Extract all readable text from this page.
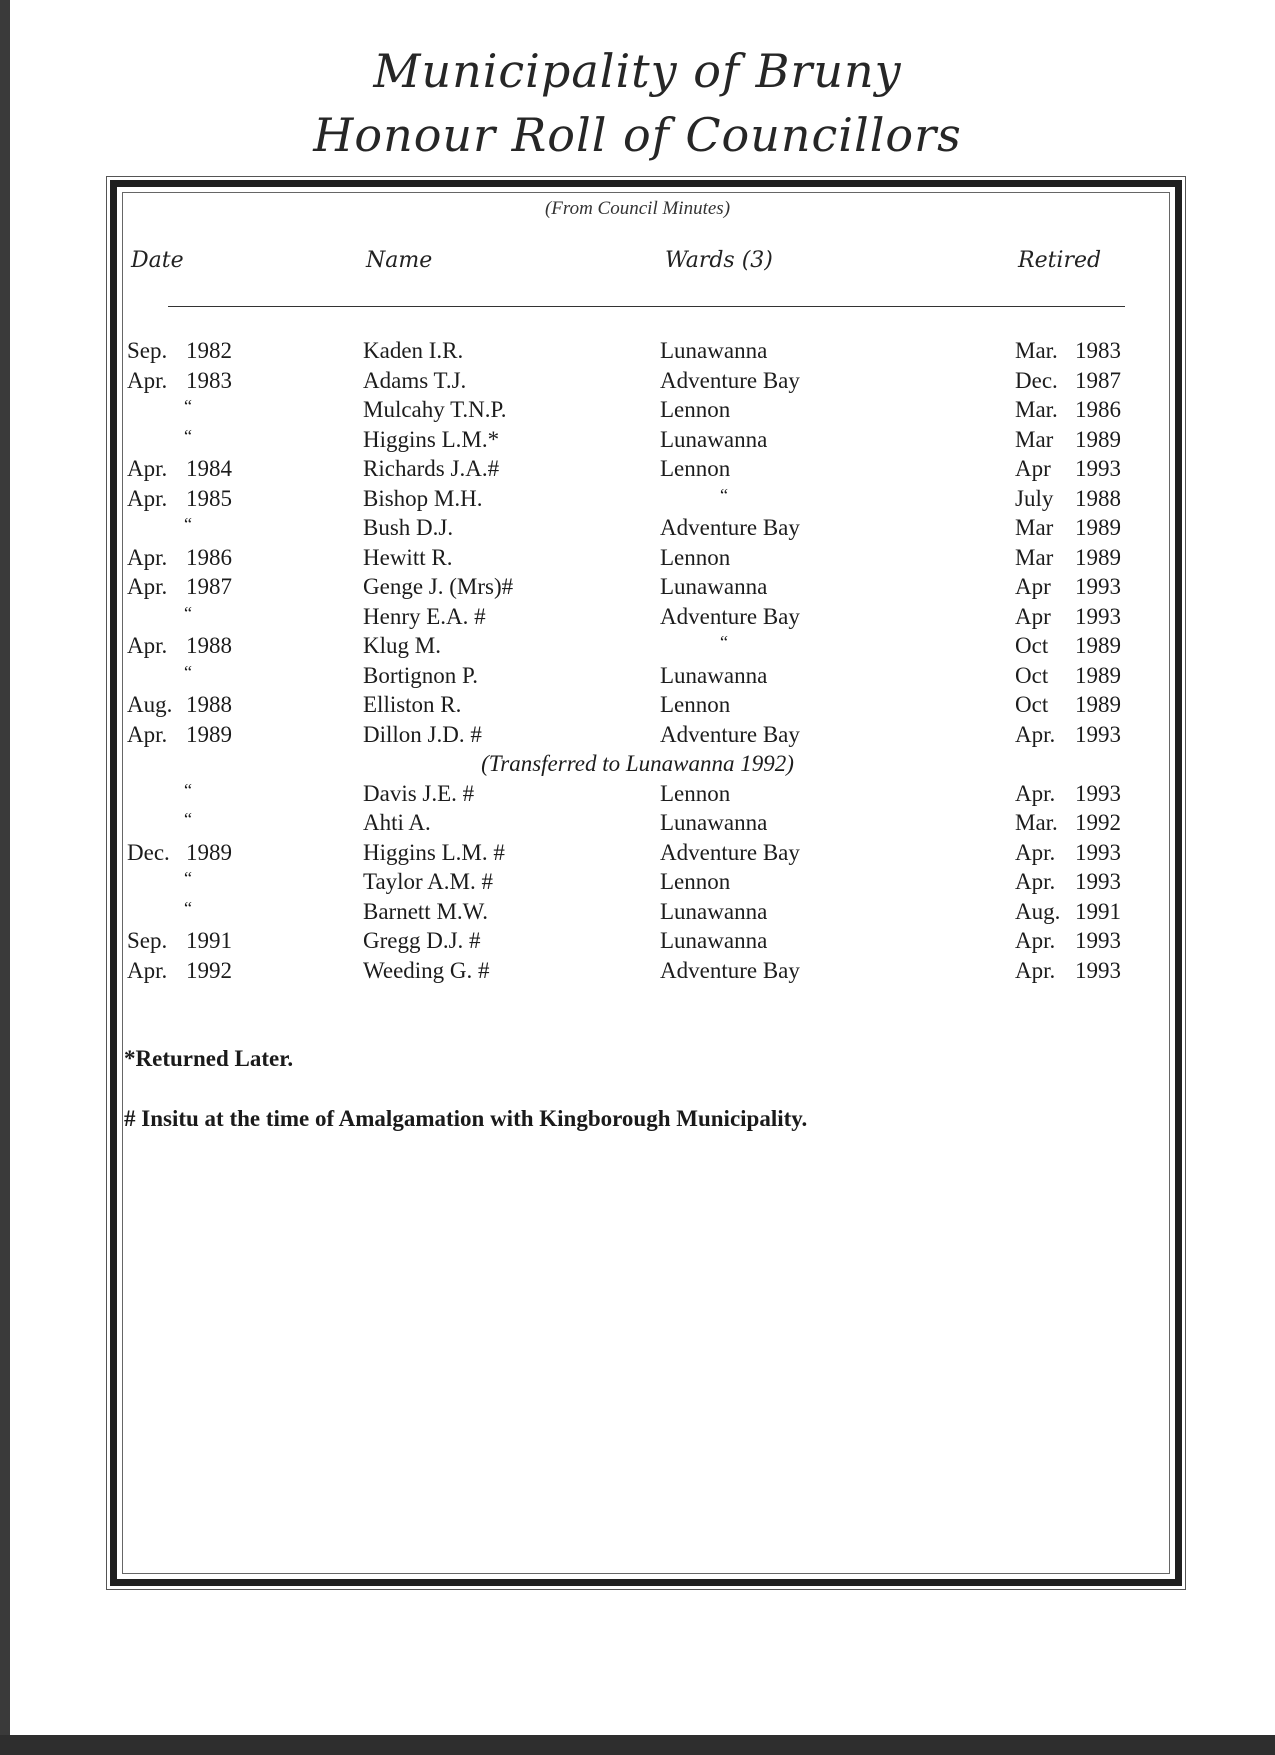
Municipality of Bruny
Honour Roll of Councillors
(From Council Minutes)
Date	Name	Wards (3)	Retired
Sep. 1982	Kaden I.R.	Lunawanna	Mar. 1983
Apr. 1983	Adams T.J.	Adventure Bay	Dec. 1987
“	Mulcahy T.N.P.	Lennon	Mar. 1986
“	Higgins L.M.*	Lunawanna	Mar 1989
Apr. 1984	Richards J.A.#	Lennon	Apr 1993
Apr. 1985	Bishop M.H.	“	July 1988
“	Bush D.J.	Adventure Bay	Mar 1989
Apr. 1986	Hewitt R.	Lennon	Mar 1989
Apr. 1987	Genge J. (Mrs)#	Lunawanna	Apr 1993
“	Henry E.A. #	Adventure Bay	Apr 1993
Apr. 1988	Klug M.	“	Oct 1989
“	Bortignon P.	Lunawanna	Oct 1989
Aug. 1988	Elliston R.	Lennon	Oct 1989
Apr. 1989	Dillon J.D. #	Adventure Bay	Apr. 1993
(Transferred to Lunawanna 1992)
“	Davis J.E. #	Lennon	Apr. 1993
“	Ahti A.	Lunawanna	Mar. 1992
Dec. 1989	Higgins L.M. #	Adventure Bay	Apr. 1993
“	Taylor A.M. #	Lennon	Apr. 1993
“	Barnett M.W.	Lunawanna	Aug. 1991
Sep. 1991	Gregg D.J. #	Lunawanna	Apr. 1993
Apr. 1992	Weeding G. #	Adventure Bay	Apr. 1993
*Returned Later.
# Insitu at the time of Amalgamation with Kingborough Municipality.
